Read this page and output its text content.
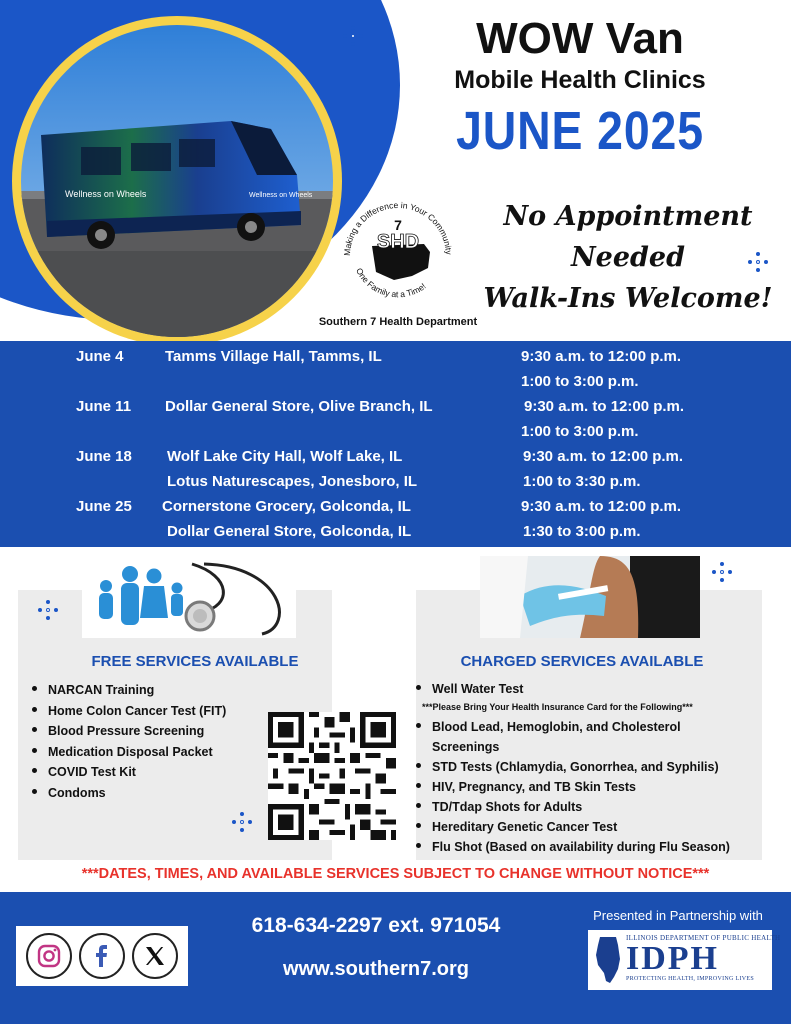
Wellness on Wheels	Wellness on Wheels
WOW Van
Mobile Health Clinics
JUNE 2025
No Appointment
Needed
Walk-Ins Welcome!
Making a Difference in Your Community
One Family at a Time!
7
SHD
Southern 7 Health Department
June 4	Tamms Village Hall, Tamms, IL	9:30 a.m. to 12:00 p.m.
1:00 to 3:00 p.m.
June 11 Dollar General Store, Olive Branch, IL	9:30 a.m. to 12:00 p.m.
1:00 to 3:00 p.m.
June 18 Wolf Lake City Hall, Wolf Lake, IL	9:30 a.m. to 12:00 p.m.
Lotus Naturescapes, Jonesboro, IL	1:00 to 3:30 p.m.
June 25 Cornerstone Grocery, Golconda, IL	9:30 a.m. to 12:00 p.m.
Dollar General Store, Golconda, IL	1:30 to 3:00 p.m.
FREE SERVICES AVAILABLE
NARCAN Training
Home Colon Cancer Test (FIT)
Blood Pressure Screening
Medication Disposal Packet
COVID Test Kit
Condoms
CHARGED SERVICES AVAILABLE
Well Water Test
***Please Bring Your Health Insurance Card for the Following***
Blood Lead, Hemoglobin, and Cholesterol
Screenings
STD Tests (Chlamydia, Gonorrhea, and Syphilis)
HIV, Pregnancy, and TB Skin Tests
TD/Tdap Shots for Adults
Hereditary Genetic Cancer Test
Flu Shot (Based on availability during Flu Season)
***DATES, TIMES, AND AVAILABLE SERVICES SUBJECT TO CHANGE WITHOUT NOTICE***
618-634-2297 ext. 971054
www.southern7.org
Presented in Partnership with
ILLINOIS DEPARTMENT OF PUBLIC HEALTH
IDPH
PROTECTING HEALTH, IMPROVING LIVES
